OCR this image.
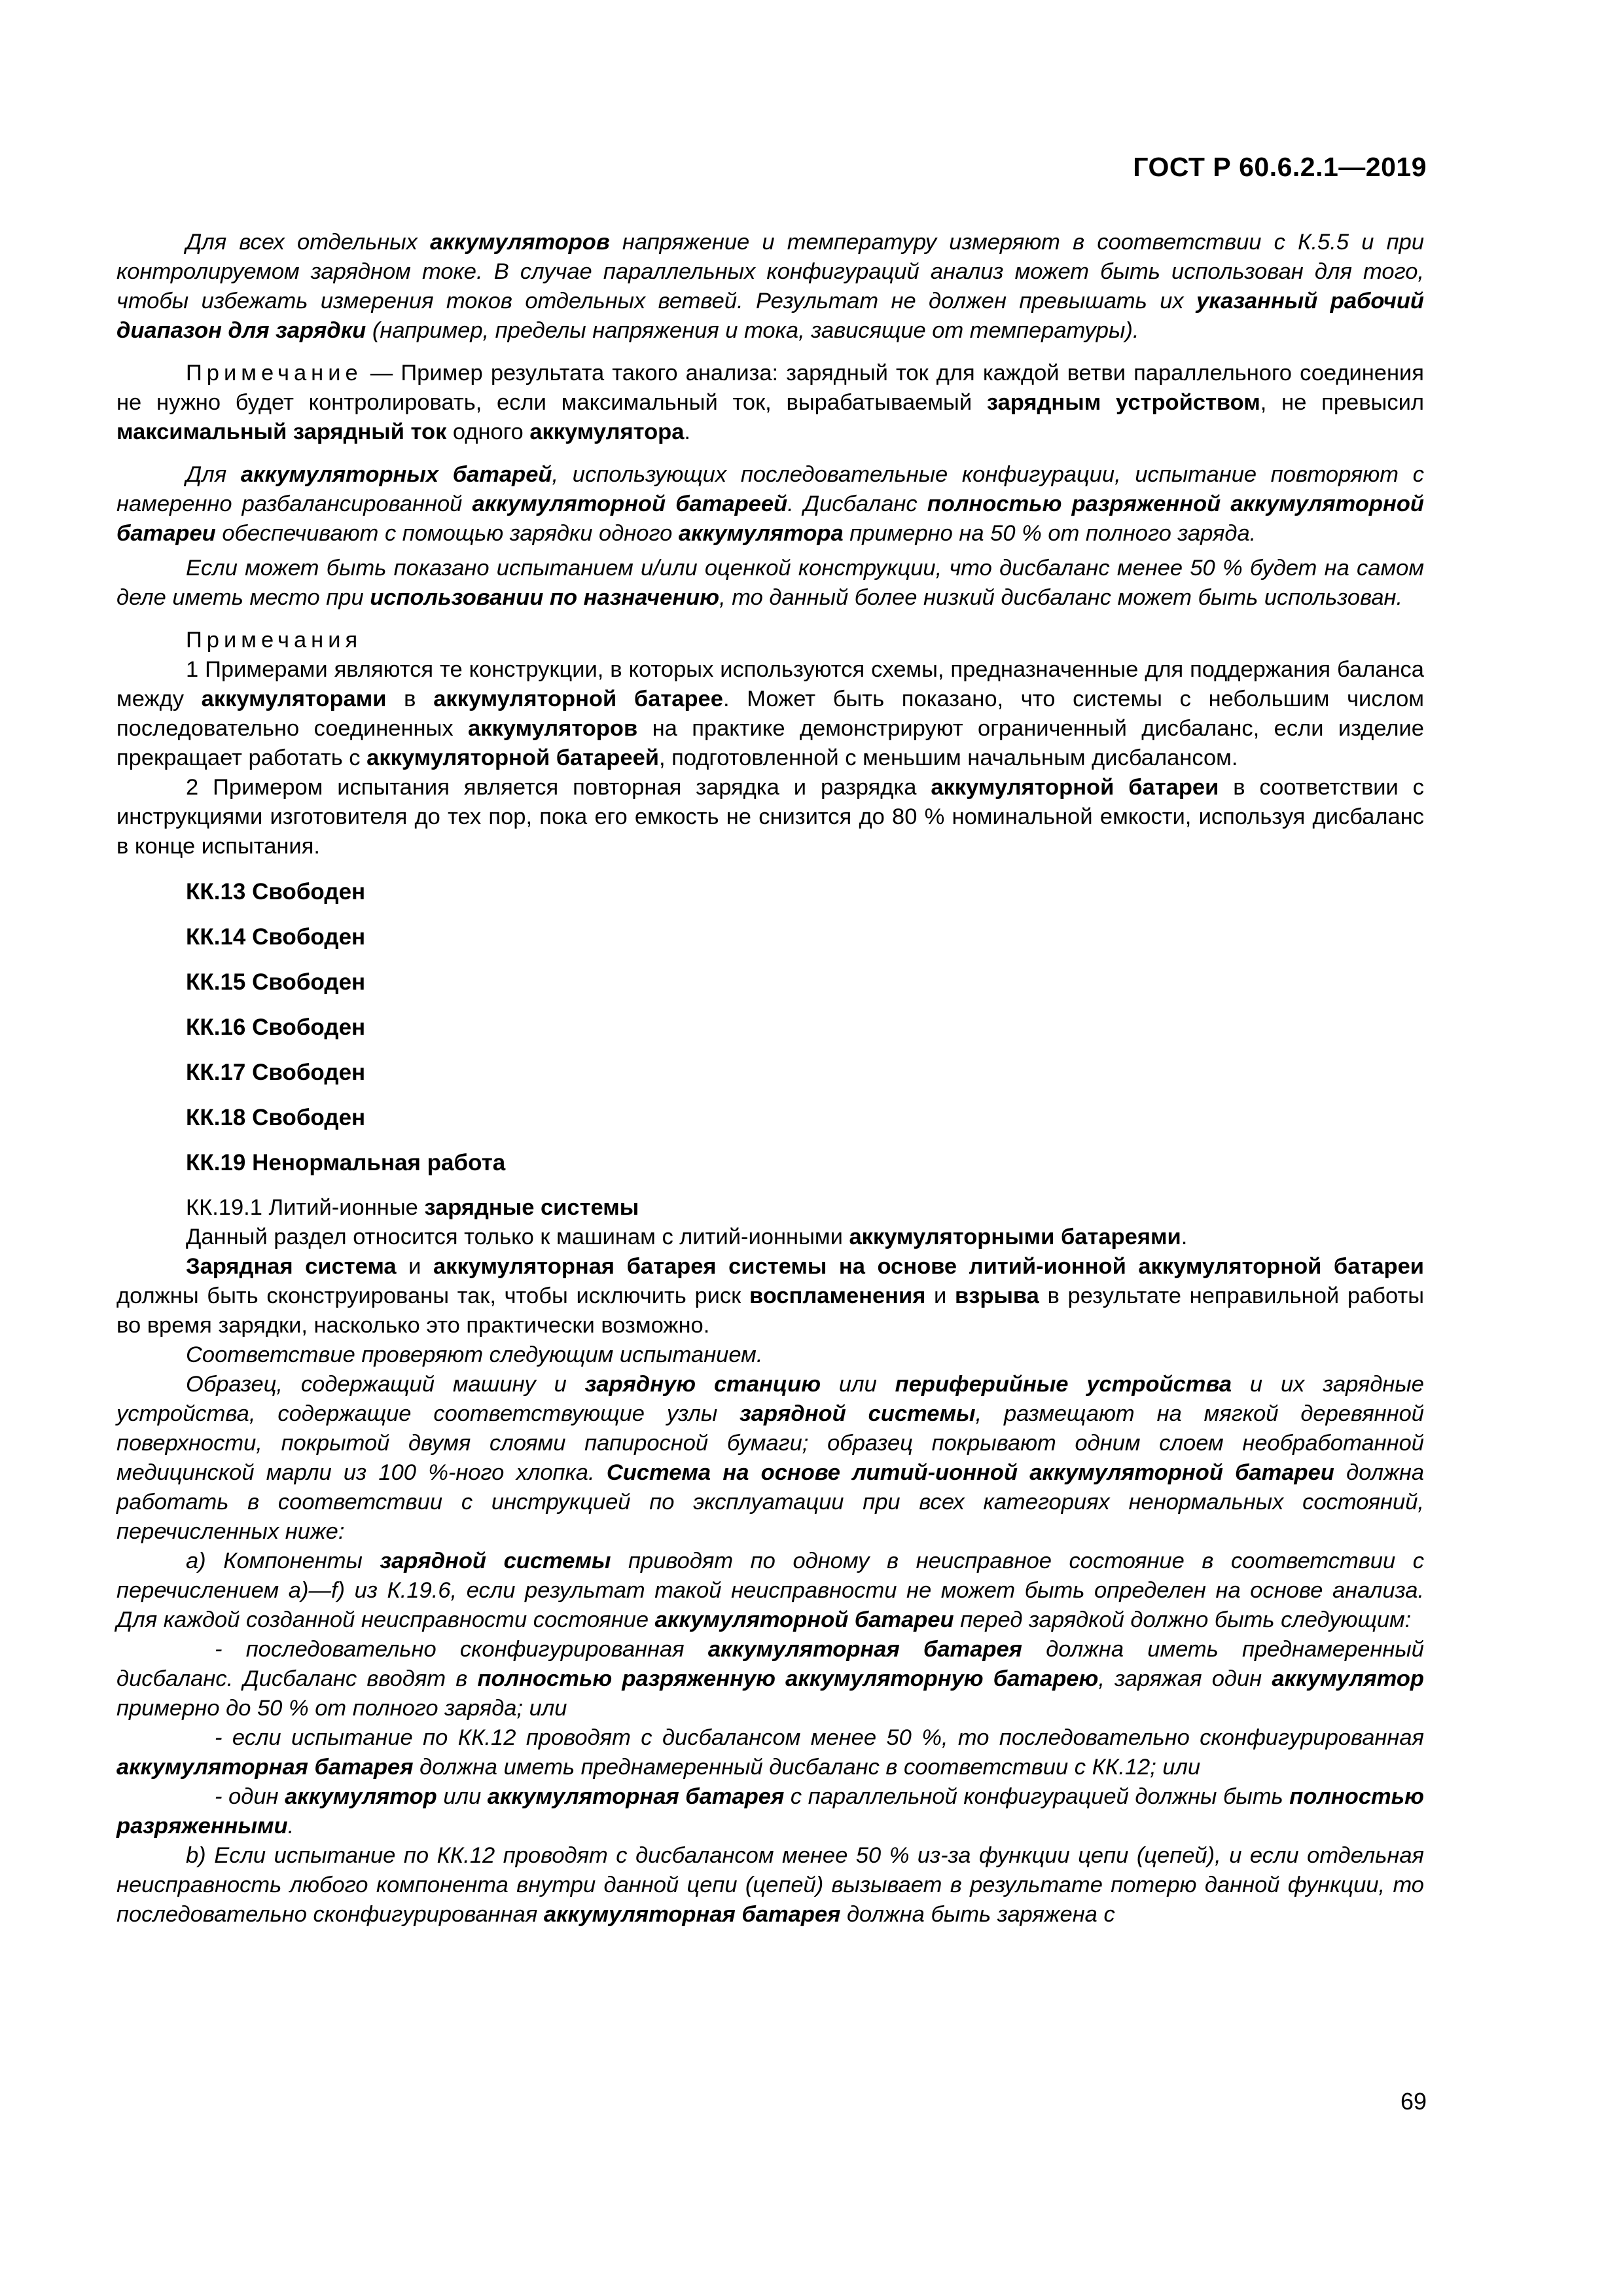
ГОСТ Р 60.6.2.1—2019

Для всех отдельных аккумуляторов напряжение и температуру измеряют в соответствии с К.5.5 и при контролируемом зарядном токе. В случае параллельных конфигураций анализ может быть использован для того, чтобы избежать измерения токов отдельных ветвей. Результат не должен превышать их указанный рабочий диапазон для зарядки (например, пределы напряжения и тока, зависящие от температуры).

Примечание — Пример результата такого анализа: зарядный ток для каждой ветви параллельного соединения не нужно будет контролировать, если максимальный ток, вырабатываемый зарядным устройством, не превысил максимальный зарядный ток одного аккумулятора.

Для аккумуляторных батарей, использующих последовательные конфигурации, испытание повторяют с намеренно разбалансированной аккумуляторной батареей. Дисбаланс полностью разряженной аккумуляторной батареи обеспечивают с помощью зарядки одного аккумулятора примерно на 50 % от полного заряда.

Если может быть показано испытанием и/или оценкой конструкции, что дисбаланс менее 50 % будет на самом деле иметь место при использовании по назначению, то данный более низкий дисбаланс может быть использован.

Примечания

1 Примерами являются те конструкции, в которых используются схемы, предназначенные для поддержания баланса между аккумуляторами в аккумуляторной батарее. Может быть показано, что системы с небольшим числом последовательно соединенных аккумуляторов на практике демонстрируют ограниченный дисбаланс, если изделие прекращает работать с аккумуляторной батареей, подготовленной с меньшим начальным дисбалансом.

2 Примером испытания является повторная зарядка и разрядка аккумуляторной батареи в соответствии с инструкциями изготовителя до тех пор, пока его емкость не снизится до 80 % номинальной емкости, используя дисбаланс в конце испытания.

КК.13 Свободен
КК.14 Свободен
КК.15 Свободен
КК.16 Свободен
КК.17 Свободен
КК.18 Свободен
КК.19 Ненормальная работа

КК.19.1 Литий-ионные зарядные системы

Данный раздел относится только к машинам с литий-ионными аккумуляторными батареями.

Зарядная система и аккумуляторная батарея системы на основе литий-ионной аккумуляторной батареи должны быть сконструированы так, чтобы исключить риск воспламенения и взрыва в результате неправильной работы во время зарядки, насколько это практически возможно.

Соответствие проверяют следующим испытанием.

Образец, содержащий машину и зарядную станцию или периферийные устройства и их зарядные устройства, содержащие соответствующие узлы зарядной системы, размещают на мягкой деревянной поверхности, покрытой двумя слоями папиросной бумаги; образец покрывают одним слоем необработанной медицинской марли из 100 %-ного хлопка. Система на основе литий-ионной аккумуляторной батареи должна работать в соответствии с инструкцией по эксплуатации при всех категориях ненормальных состояний, перечисленных ниже:

a) Компоненты зарядной системы приводят по одному в неисправное состояние в соответствии с перечислением a)—f) из К.19.6, если результат такой неисправности не может быть определен на основе анализа. Для каждой созданной неисправности состояние аккумуляторной батареи перед зарядкой должно быть следующим:

- последовательно сконфигурированная аккумуляторная батарея должна иметь преднамеренный дисбаланс. Дисбаланс вводят в полностью разряженную аккумуляторную батарею, заряжая один аккумулятор примерно до 50 % от полного заряда; или

- если испытание по КК.12 проводят с дисбалансом менее 50 %, то последовательно сконфигурированная аккумуляторная батарея должна иметь преднамеренный дисбаланс в соответствии с КК.12; или

- один аккумулятор или аккумуляторная батарея с параллельной конфигурацией должны быть полностью разряженными.

b) Если испытание по КК.12 проводят с дисбалансом менее 50 % из-за функции цепи (цепей), и если отдельная неисправность любого компонента внутри данной цепи (цепей) вызывает в результате потерю данной функции, то последовательно сконфигурированная аккумуляторная батарея должна быть заряжена с

69
